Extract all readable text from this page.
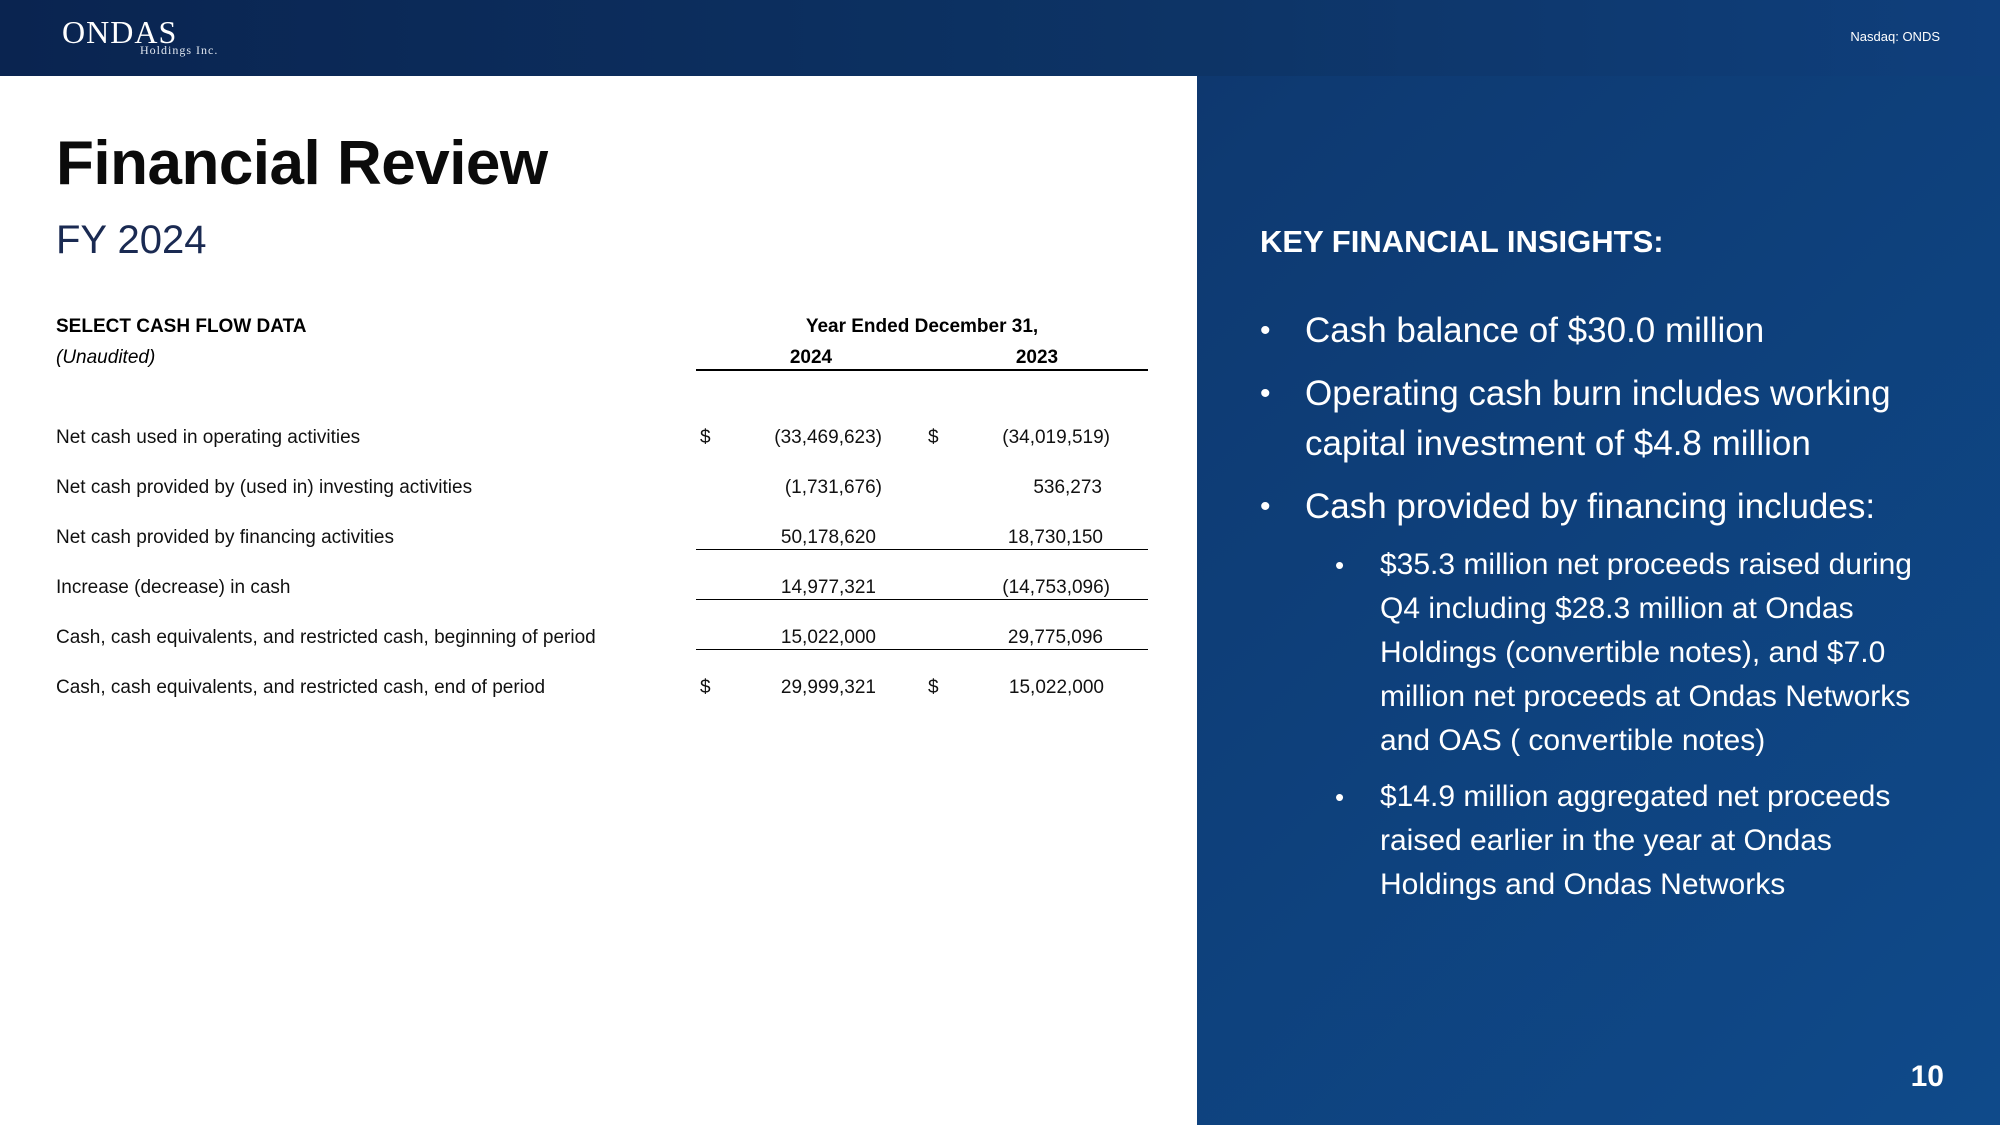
ONDAS
Holdings Inc.
Nasdaq: ONDS
Financial Review
FY 2024
SELECT CASH FLOW DATA
(Unaudited)
Year Ended December 31,
2024	2023
Net cash used in operating activities	$	(33,469,623) $	(34,019,519)
Net cash provided by (used in) investing activities	(1,731,676)	536,273
Net cash provided by financing activities	50,178,620	18,730,150
Increase (decrease) in cash	14,977,321	(14,753,096)
Cash, cash equivalents, and restricted cash, beginning of period	15,022,000	29,775,096
Cash, cash equivalents, and restricted cash, end of period	$	29,999,321	$	15,022,000
KEY FINANCIAL INSIGHTS:
• Cash balance of $30.0 million
• Operating cash burn includes working capital investment of $4.8 million
• Cash provided by financing includes:
• $35.3 million net proceeds raised during Q4 including $28.3 million at Ondas Holdings (convertible notes), and $7.0 million net proceeds at Ondas Networks and OAS ( convertible notes)
• $14.9 million aggregated net proceeds raised earlier in the year at Ondas Holdings and Ondas Networks
10
